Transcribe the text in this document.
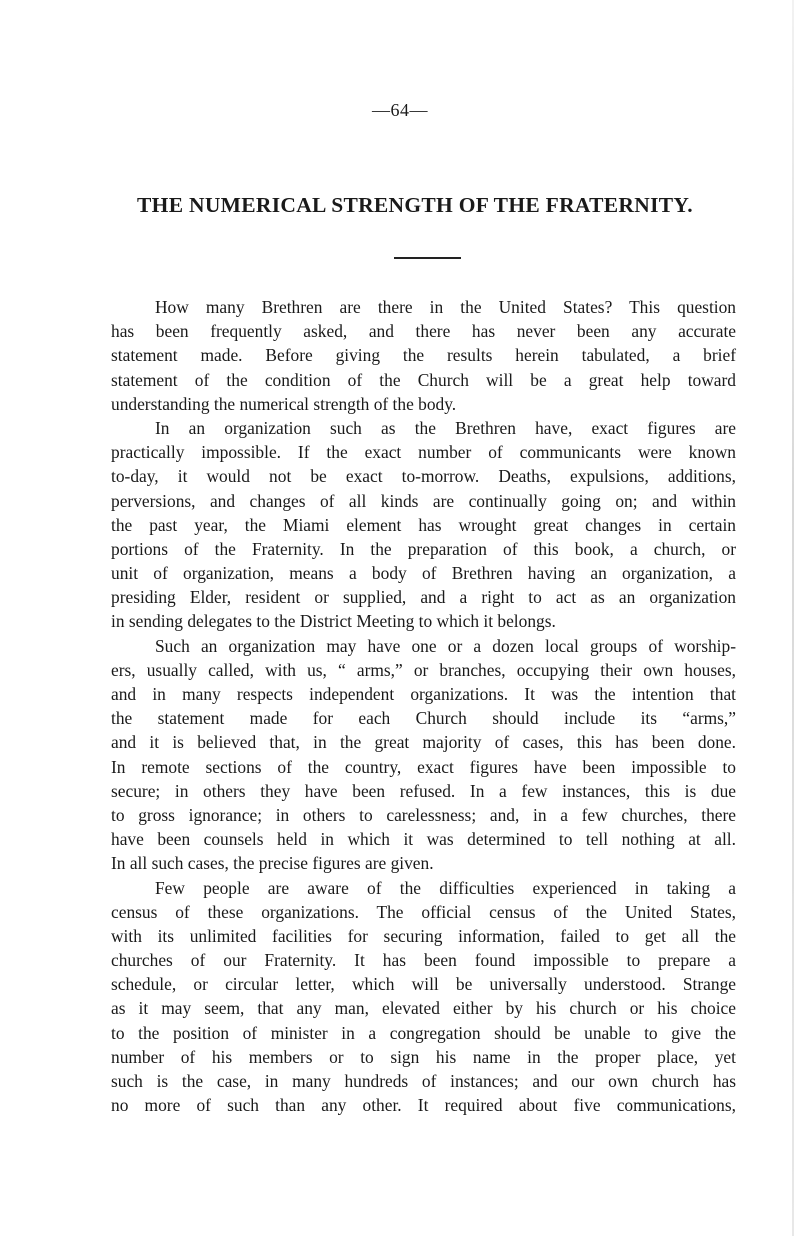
—64—
THE NUMERICAL STRENGTH OF THE FRATERNITY.
How many Brethren are there in the United States? This question
has been frequently asked, and there has never been any accurate
statement made. Before giving the results herein tabulated, a brief
statement of the condition of the Church will be a great help toward
understanding the numerical strength of the body.
In an organization such as the Brethren have, exact figures are
practically impossible. If the exact number of communicants were known
to-day, it would not be exact to-morrow. Deaths, expulsions, additions,
perversions, and changes of all kinds are continually going on; and within
the past year, the Miami element has wrought great changes in certain
portions of the Fraternity. In the preparation of this book, a church, or
unit of organization, means a body of Brethren having an organization, a
presiding Elder, resident or supplied, and a right to act as an organization
in sending delegates to the District Meeting to which it belongs.
Such an organization may have one or a dozen local groups of worship-
ers, usually called, with us, “ arms,” or branches, occupying their own houses,
and in many respects independent organizations. It was the intention that
the statement made for each Church should include its “arms,”
and it is believed that, in the great majority of cases, this has been done.
In remote sections of the country, exact figures have been impossible to
secure; in others they have been refused. In a few instances, this is due
to gross ignorance; in others to carelessness; and, in a few churches, there
have been counsels held in which it was determined to tell nothing at all.
In all such cases, the precise figures are given.
Few people are aware of the difficulties experienced in taking a
census of these organizations. The official census of the United States,
with its unlimited facilities for securing information, failed to get all the
churches of our Fraternity. It has been found impossible to prepare a
schedule, or circular letter, which will be universally understood. Strange
as it may seem, that any man, elevated either by his church or his choice
to the position of minister in a congregation should be unable to give the
number of his members or to sign his name in the proper place, yet
such is the case, in many hundreds of instances; and our own church has
no more of such than any other. It required about five communications,
